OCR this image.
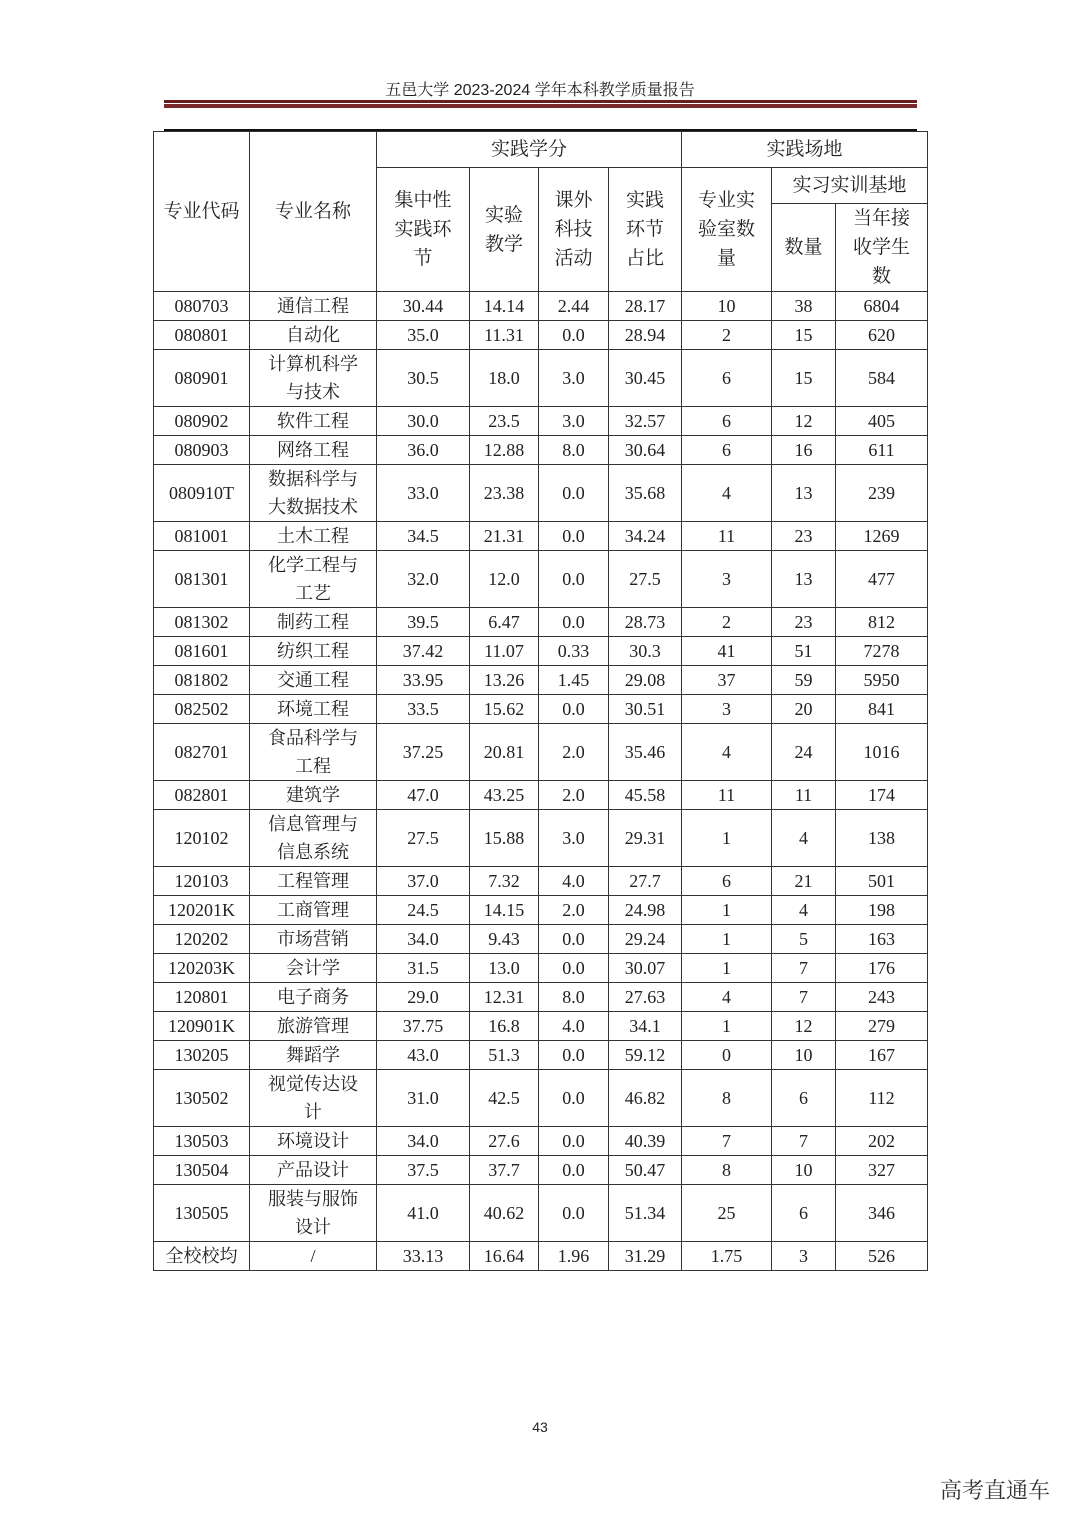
五邑大学 2023-2024 学年本科教学质量报告
专业代码	专业名称	实践学分				实践场地		
		集中性实践环节	实验教学	课外科技活动	实践环节占比	专业实验室数量	实习实训基地	
							数量	当年接收学生数
080703	通信工程	30.44	14.14	2.44	28.17	10	38	6804
080801	自动化	35.0	11.31	0.0	28.94	2	15	620
080901	计算机科学与技术	30.5	18.0	3.0	30.45	6	15	584
080902	软件工程	30.0	23.5	3.0	32.57	6	12	405
080903	网络工程	36.0	12.88	8.0	30.64	6	16	611
080910T	数据科学与大数据技术	33.0	23.38	0.0	35.68	4	13	239
081001	土木工程	34.5	21.31	0.0	34.24	11	23	1269
081301	化学工程与工艺	32.0	12.0	0.0	27.5	3	13	477
081302	制药工程	39.5	6.47	0.0	28.73	2	23	812
081601	纺织工程	37.42	11.07	0.33	30.3	41	51	7278
081802	交通工程	33.95	13.26	1.45	29.08	37	59	5950
082502	环境工程	33.5	15.62	0.0	30.51	3	20	841
082701	食品科学与工程	37.25	20.81	2.0	35.46	4	24	1016
082801	建筑学	47.0	43.25	2.0	45.58	11	11	174
120102	信息管理与信息系统	27.5	15.88	3.0	29.31	1	4	138
120103	工程管理	37.0	7.32	4.0	27.7	6	21	501
120201K	工商管理	24.5	14.15	2.0	24.98	1	4	198
120202	市场营销	34.0	9.43	0.0	29.24	1	5	163
120203K	会计学	31.5	13.0	0.0	30.07	1	7	176
120801	电子商务	29.0	12.31	8.0	27.63	4	7	243
120901K	旅游管理	37.75	16.8	4.0	34.1	1	12	279
130205	舞蹈学	43.0	51.3	0.0	59.12	0	10	167
130502	视觉传达设计	31.0	42.5	0.0	46.82	8	6	112
130503	环境设计	34.0	27.6	0.0	40.39	7	7	202
130504	产品设计	37.5	37.7	0.0	50.47	8	10	327
130505	服装与服饰设计	41.0	40.62	0.0	51.34	25	6	346
全校校均	/	33.13	16.64	1.96	31.29	1.75	3	526
43
高考直通车
